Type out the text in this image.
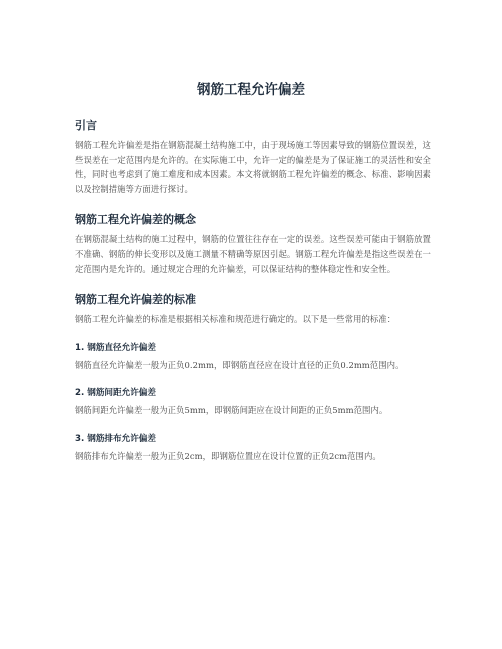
钢筋工程允许偏差
引言

钢筋工程允许偏差是指在钢筋混凝土结构施工中，由于现场施工等因素导致的钢筋位置误差，这些误差在一定范围内是允许的。在实际施工中，允许一定的偏差是为了保证施工的灵活性和安全性，同时也考虑到了施工难度和成本因素。本文将就钢筋工程允许偏差的概念、标准、影响因素以及控制措施等方面进行探讨。

钢筋工程允许偏差的概念

在钢筋混凝土结构的施工过程中，钢筋的位置往往存在一定的误差。这些误差可能由于钢筋放置不准确、钢筋的伸长变形以及施工测量不精确等原因引起。钢筋工程允许偏差是指这些误差在一定范围内是允许的。通过规定合理的允许偏差，可以保证结构的整体稳定性和安全性。

钢筋工程允许偏差的标准

钢筋工程允许偏差的标准是根据相关标准和规范进行确定的。以下是一些常用的标准：

1. 钢筋直径允许偏差

钢筋直径允许偏差一般为正负0.2mm，即钢筋直径应在设计直径的正负0.2mm范围内。

2. 钢筋间距允许偏差

钢筋间距允许偏差一般为正负5mm，即钢筋间距应在设计间距的正负5mm范围内。

3. 钢筋排布允许偏差

钢筋排布允许偏差一般为正负2cm，即钢筋位置应在设计位置的正负2cm范围内。
